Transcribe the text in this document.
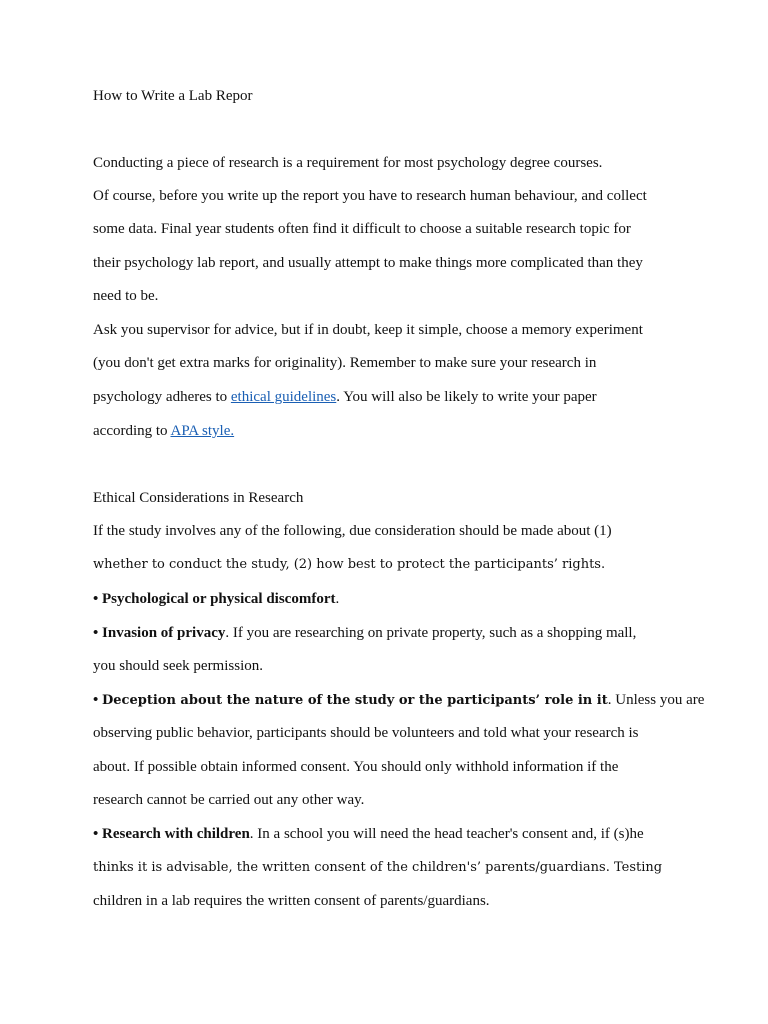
How to Write a Lab Repor
Conducting a piece of research is a requirement for most psychology degree courses.
Of course, before you write up the report you have to research human behaviour, and collect
some data. Final year students often find it difficult to choose a suitable research topic for
their psychology lab report, and usually attempt to make things more complicated than they
need to be.
Ask you supervisor for advice, but if in doubt, keep it simple, choose a memory experiment
(you don't get extra marks for originality). Remember to make sure your research in
psychology adheres to ethical guidelines. You will also be likely to write your paper
according to APA style.
Ethical Considerations in Research
If the study involves any of the following, due consideration should be made about (1)
whether to conduct the study, (2) how best to protect the participants’ rights.
• Psychological or physical discomfort.
• Invasion of privacy. If you are researching on private property, such as a shopping mall,
you should seek permission.
• Deception about the nature of the study or the participants’ role in it. Unless you are
observing public behavior, participants should be volunteers and told what your research is
about. If possible obtain informed consent. You should only withhold information if the
research cannot be carried out any other way.
• Research with children. In a school you will need the head teacher's consent and, if (s)he
thinks it is advisable, the written consent of the children's’ parents/guardians. Testing
children in a lab requires the written consent of parents/guardians.
